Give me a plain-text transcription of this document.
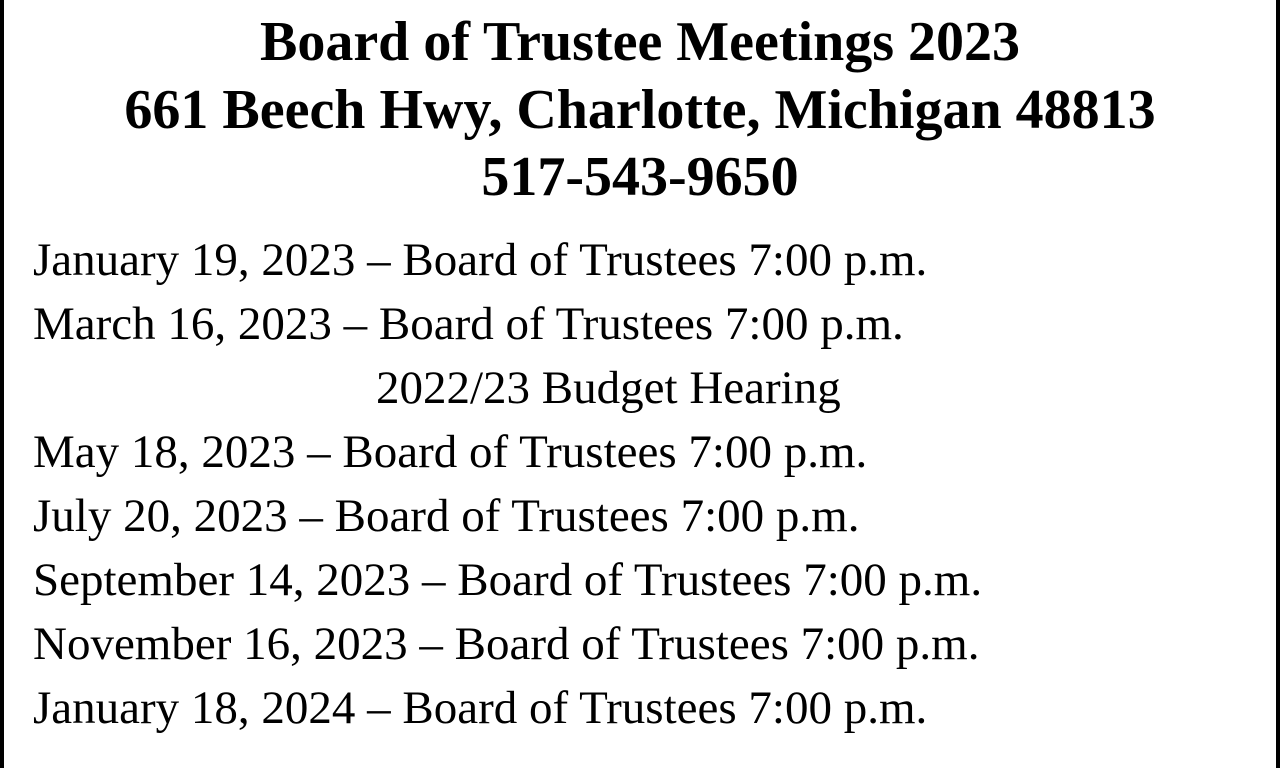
Board of Trustee Meetings 2023
661 Beech Hwy, Charlotte, Michigan 48813
517-543-9650
January 19, 2023 – Board of Trustees 7:00 p.m.
March 16, 2023 – Board of Trustees 7:00 p.m.
2022/23 Budget Hearing
May 18, 2023 – Board of Trustees 7:00 p.m.
July 20, 2023 – Board of Trustees 7:00 p.m.
September 14, 2023 – Board of Trustees 7:00 p.m.
November 16, 2023 – Board of Trustees 7:00 p.m.
January 18, 2024 – Board of Trustees 7:00 p.m.
